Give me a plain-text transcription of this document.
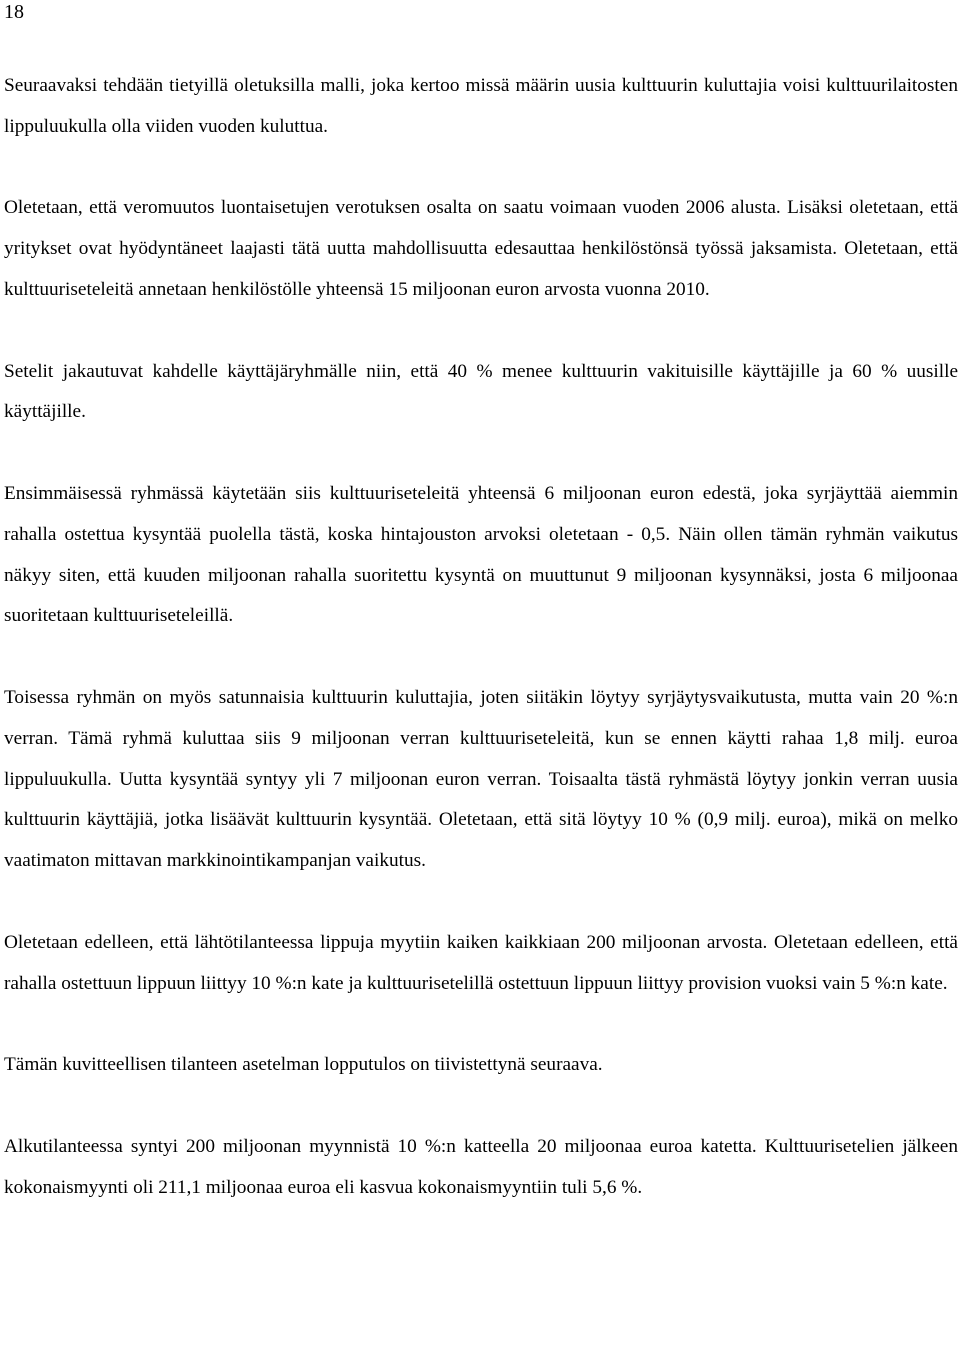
18

Seuraavaksi tehdään tietyillä oletuksilla malli, joka kertoo missä määrin uusia kulttuurin kuluttajia voisi kulttuurilaitosten lippuluukulla olla viiden vuoden kuluttua.

Oletetaan, että veromuutos luontaisetujen verotuksen osalta on saatu voimaan vuoden 2006 alusta. Lisäksi oletetaan, että yritykset ovat hyödyntäneet laajasti tätä uutta mahdollisuutta edesauttaa henkilöstönsä työssä jaksamista. Oletetaan, että kulttuuriseteleitä annetaan henkilöstölle yhteensä 15 miljoonan euron arvosta vuonna 2010.

Setelit jakautuvat kahdelle käyttäjäryhmälle niin, että 40 % menee kulttuurin vakituisille käyttäjille ja 60 % uusille käyttäjille.

Ensimmäisessä ryhmässä käytetään siis kulttuuriseteleitä yhteensä 6 miljoonan euron edestä, joka syrjäyttää aiemmin rahalla ostettua kysyntää puolella tästä, koska hintajouston arvoksi oletetaan - 0,5. Näin ollen tämän ryhmän vaikutus näkyy siten, että kuuden miljoonan rahalla suoritettu kysyntä on muuttunut 9 miljoonan kysynnäksi, josta 6 miljoonaa suoritetaan kulttuuriseteleillä.

Toisessa ryhmän on myös satunnaisia kulttuurin kuluttajia, joten siitäkin löytyy syrjäytysvaikutusta, mutta vain 20 %:n verran. Tämä ryhmä kuluttaa siis 9 miljoonan verran kulttuuriseteleitä, kun se ennen käytti rahaa 1,8 milj. euroa lippuluukulla. Uutta kysyntää syntyy yli 7 miljoonan euron verran. Toisaalta tästä ryhmästä löytyy jonkin verran uusia kulttuurin käyttäjiä, jotka lisäävät kulttuurin kysyntää. Oletetaan, että sitä löytyy 10 % (0,9 milj. euroa), mikä on melko vaatimaton mittavan markkinointikampanjan vaikutus.

Oletetaan edelleen, että lähtötilanteessa lippuja myytiin kaiken kaikkiaan 200 miljoonan arvosta. Oletetaan edelleen, että rahalla ostettuun lippuun liittyy 10 %:n kate ja kulttuurisetelillä ostettuun lippuun liittyy provision vuoksi vain 5 %:n kate.

Tämän kuvitteellisen tilanteen asetelman lopputulos on tiivistettynä seuraava.

Alkutilanteessa syntyi 200 miljoonan myynnistä 10 %:n katteella 20 miljoonaa euroa katetta. Kulttuurisetelien jälkeen kokonaismyynti oli 211,1 miljoonaa euroa eli kasvua kokonaismyyntiin tuli 5,6 %.
